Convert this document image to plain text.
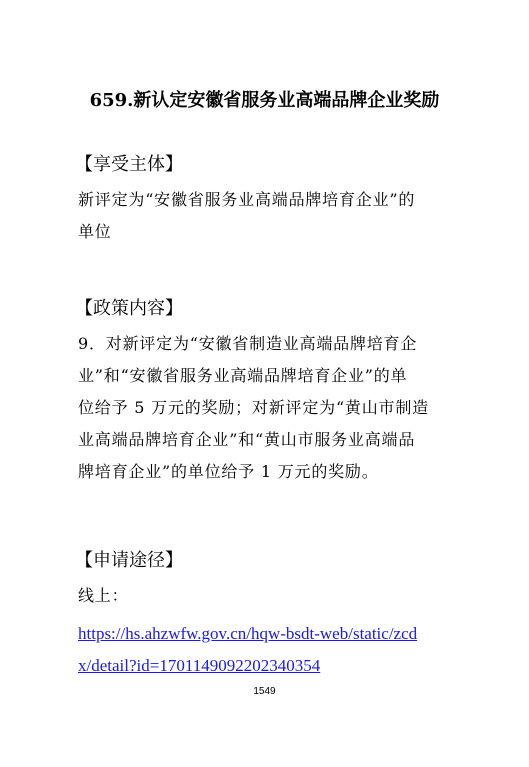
659.新认定安徽省服务业高端品牌企业奖励
【享受主体】
新评定为“安徽省服务业高端品牌培育企业”的
单位
【政策内容】
9．对新评定为“安徽省制造业高端品牌培育企
业”和“安徽省服务业高端品牌培育企业”的单
位给予 5 万元的奖励；对新评定为“黄山市制造
业高端品牌培育企业”和“黄山市服务业高端品
牌培育企业”的单位给予 1 万元的奖励。
【申请途径】
线上：
https://hs.ahzwfw.gov.cn/hqw-bsdt-web/static/zcd
x/detail?id=1701149092202340354
1549
